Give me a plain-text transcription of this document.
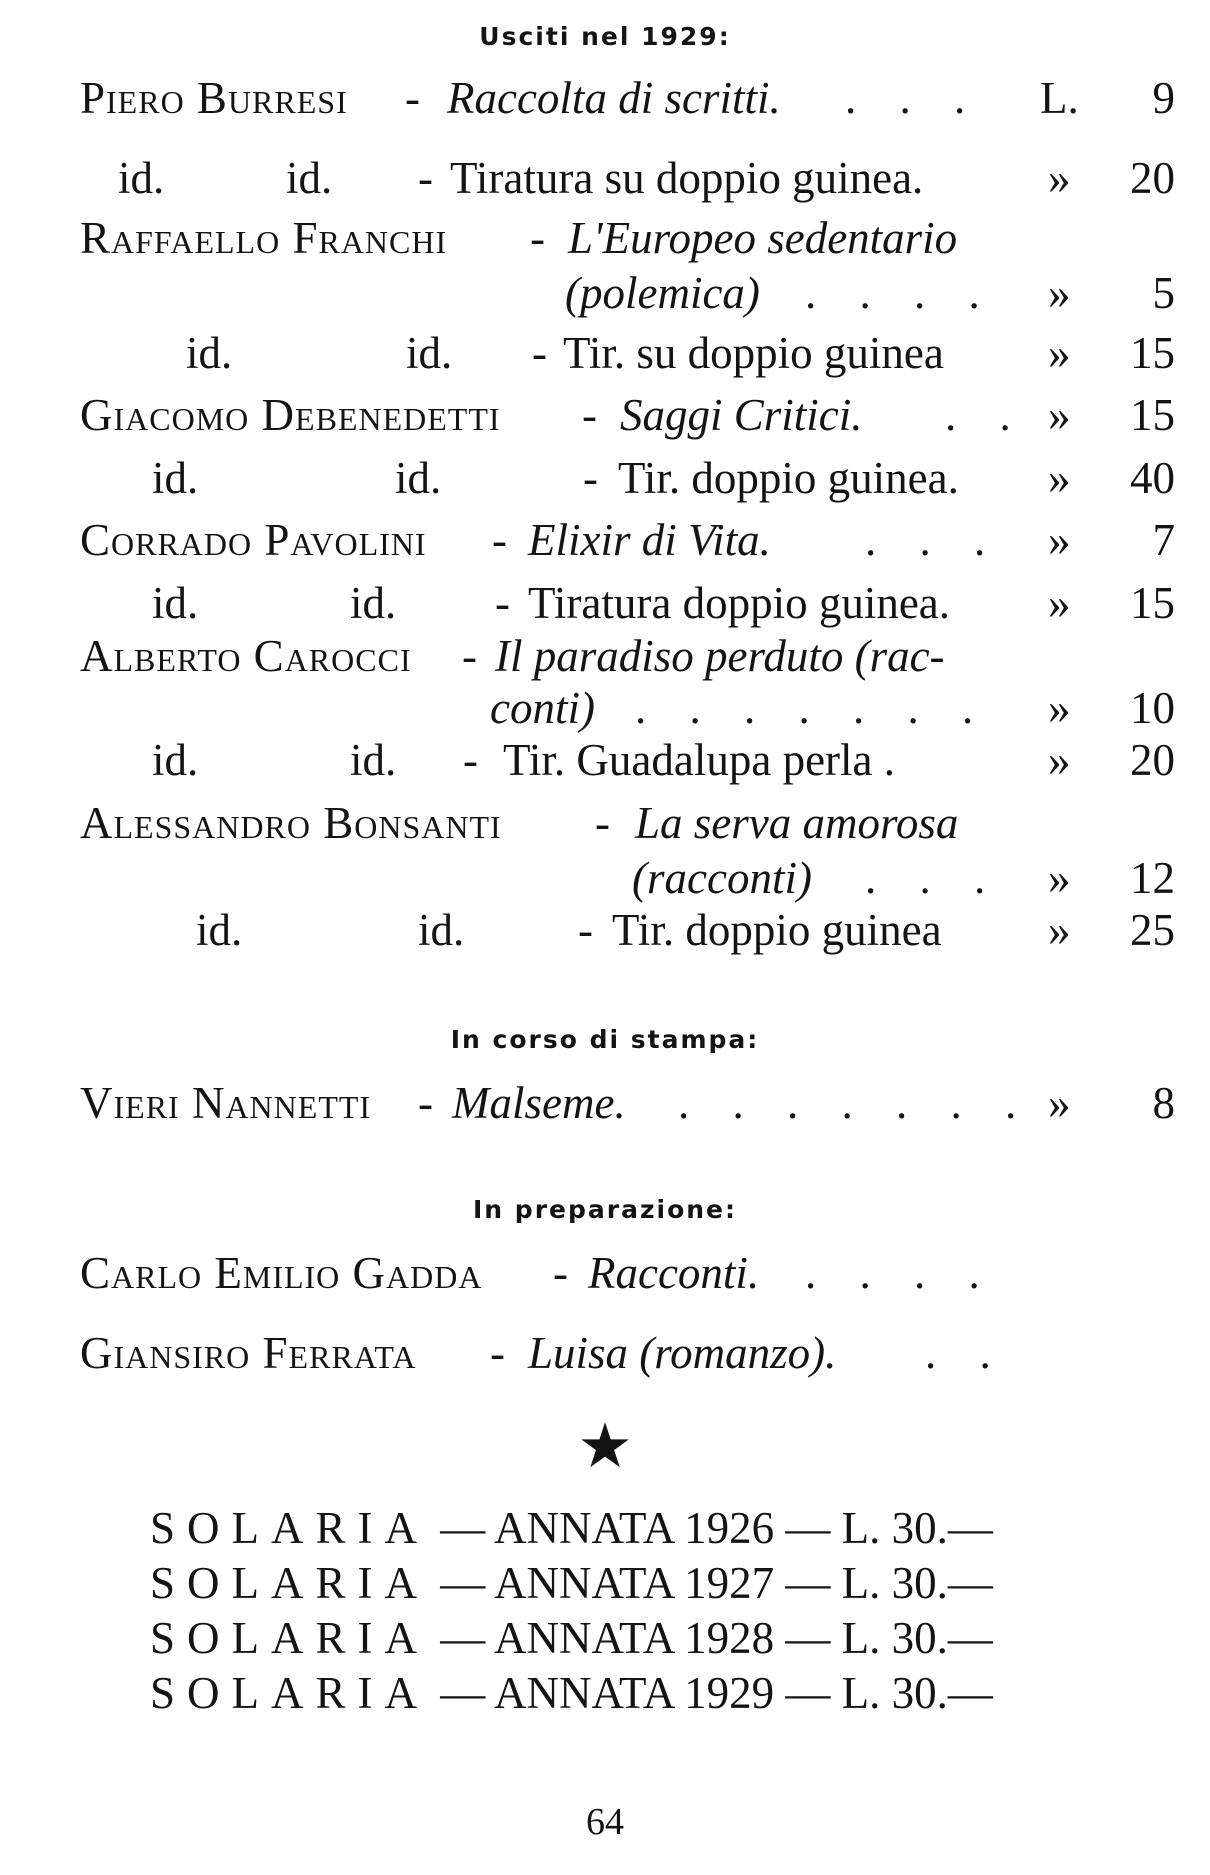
Usciti nel 1929:
Piero Burresi - Raccolta di scritti. . . . L.	9
id.	id. - Tiratura su doppio guinea.	»	20
Raffaello Franchi - L'Europeo sedentario
(polemica) . . . . »	5
id.	id. - Tir. su doppio guinea »	15
Giacomo Debenedetti - Saggi Critici. . . »	15
id.	id.	- Tir. doppio guinea. »	40
Corrado Pavolini - Elixir di Vita. . . . »	7
id.	id. - Tiratura doppio guinea. »	15
Alberto Carocci - Il paradiso perduto (rac-
conti) . . . . . . . »	10
id.	id. - Tir. Guadalupa perla .	»	20
Alessandro Bonsanti - La serva amorosa
(racconti) . . . »	12
id.	id.	- Tir. doppio guinea »	25
In corso di stampa:
Vieri Nannetti - Malseme. . . . . . . . »	8
In preparazione:
Carlo Emilio Gadda - Racconti. . . . .
Giansiro Ferrata - Luisa (romanzo). . .
★
SOLARIA — ANNATA 1926 — L. 30.—
SOLARIA — ANNATA 1927 — L. 30.—
SOLARIA — ANNATA 1928 — L. 30.—
SOLARIA — ANNATA 1929 — L. 30.—
64
